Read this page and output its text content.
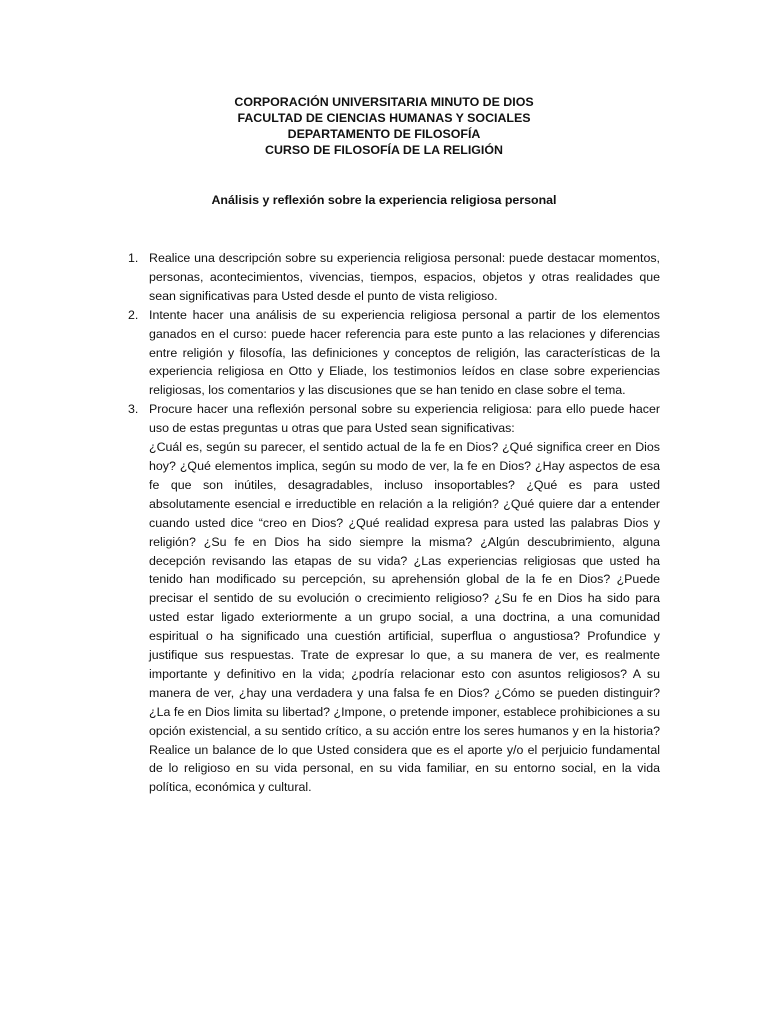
CORPORACIÓN UNIVERSITARIA MINUTO DE DIOS
FACULTAD DE CIENCIAS HUMANAS Y SOCIALES
DEPARTAMENTO DE FILOSOFÍA
CURSO DE FILOSOFÍA DE LA RELIGIÓN
Análisis y reflexión sobre la experiencia religiosa personal
1. Realice una descripción sobre su experiencia religiosa personal: puede destacar momentos, personas, acontecimientos, vivencias, tiempos, espacios, objetos y otras realidades que sean significativas para Usted desde el punto de vista religioso.

2. Intente hacer una análisis de su experiencia religiosa personal a partir de los elementos ganados en el curso: puede hacer referencia para este punto a las relaciones y diferencias entre religión y filosofía, las definiciones y conceptos de religión, las características de la experiencia religiosa en Otto y Eliade, los testimonios leídos en clase sobre experiencias religiosas, los comentarios y las discusiones que se han tenido en clase sobre el tema.

3. Procure hacer una reflexión personal sobre su experiencia religiosa: para ello puede hacer uso de estas preguntas u otras que para Usted sean significativas:

¿Cuál es, según su parecer, el sentido actual de la fe en Dios? ¿Qué significa creer en Dios hoy? ¿Qué elementos implica, según su modo de ver, la fe en Dios? ¿Hay aspectos de esa fe que son inútiles, desagradables, incluso insoportables? ¿Qué es para usted absolutamente esencial e irreductible en relación a la religión? ¿Qué quiere dar a entender cuando usted dice “creo en Dios? ¿Qué realidad expresa para usted las palabras Dios y religión? ¿Su fe en Dios ha sido siempre la misma? ¿Algún descubrimiento, alguna decepción revisando las etapas de su vida? ¿Las experiencias religiosas que usted ha tenido han modificado su percepción, su aprehensión global de la fe en Dios? ¿Puede precisar el sentido de su evolución o crecimiento religioso? ¿Su fe en Dios ha sido para usted estar ligado exteriormente a un grupo social, a una doctrina, a una comunidad espiritual o ha significado una cuestión artificial, superflua o angustiosa? Profundice y justifique sus respuestas. Trate de expresar lo que, a su manera de ver, es realmente importante y definitivo en la vida; ¿podría relacionar esto con asuntos religiosos? A su manera de ver, ¿hay una verdadera y una falsa fe en Dios? ¿Cómo se pueden distinguir? ¿La fe en Dios limita su libertad? ¿Impone, o pretende imponer, establece prohibiciones a su opción existencial, a su sentido crítico, a su acción entre los seres humanos y en la historia? Realice un balance de lo que Usted considera que es el aporte y/o el perjuicio fundamental de lo religioso en su vida personal, en su vida familiar, en su entorno social, en la vida política, económica y cultural.
